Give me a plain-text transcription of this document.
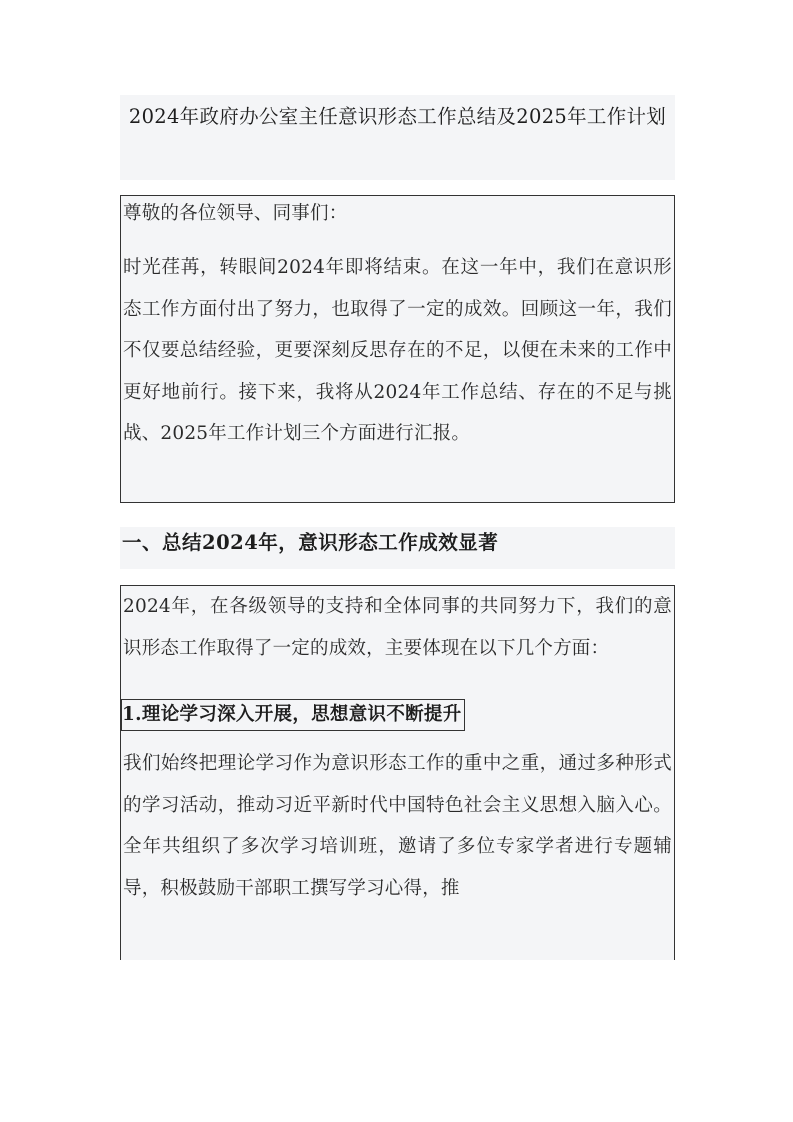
2024年政府办公室主任意识形态工作总结及2025年工作计划

尊敬的各位领导、同事们：

时光荏苒，转眼间2024年即将结束。在这一年中，我们在意识形态工作方面付出了努力，也取得了一定的成效。回顾这一年，我们不仅要总结经验，更要深刻反思存在的不足，以便在未来的工作中更好地前行。接下来，我将从2024年工作总结、存在的不足与挑战、2025年工作计划三个方面进行汇报。

一、总结2024年，意识形态工作成效显著

2024年，在各级领导的支持和全体同事的共同努力下，我们的意识形态工作取得了一定的成效，主要体现在以下几个方面：

1.理论学习深入开展，思想意识不断提升

我们始终把理论学习作为意识形态工作的重中之重，通过多种形式的学习活动，推动习近平新时代中国特色社会主义思想入脑入心。全年共组织了多次学习培训班，邀请了多位专家学者进行专题辅导，积极鼓励干部职工撰写学习心得，推
